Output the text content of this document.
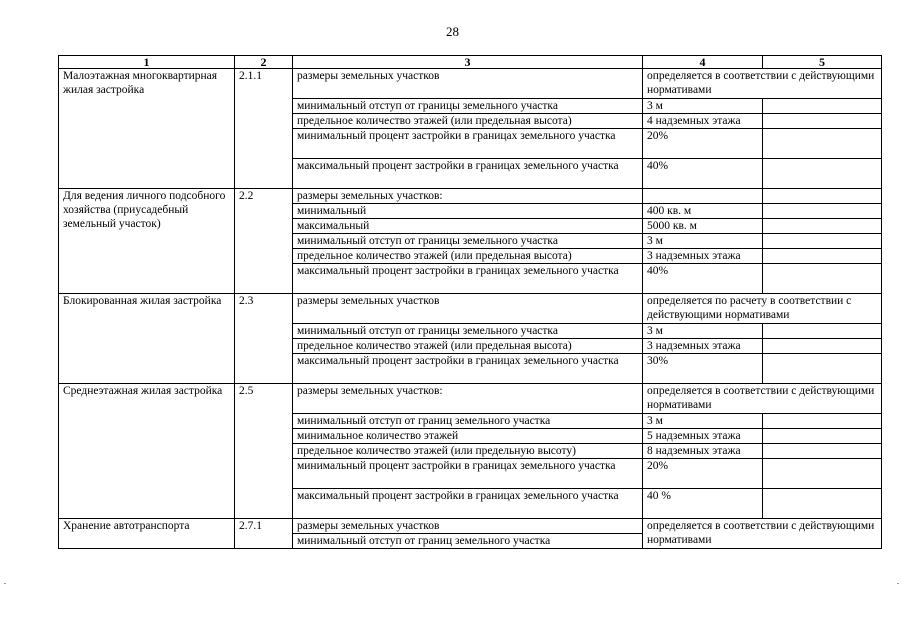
28
1	2	3	4	5
Малоэтажная многоквартирная жилая застройка	2.1.1	размеры земельных участков	определяется в соответствии с действующими нормативами	
		минимальный отступ от границы земельного участка	3 м	
		предельное количество этажей (или предельная высота)	4 надземных этажа	
		минимальный процент застройки в границах земельного участка	20%	
		максимальный процент застройки в границах земельного участка	40%	
Для ведения личного подсобного хозяйства (приусадебный земельный участок)	2.2	размеры земельных участков:		
		минимальный	400 кв. м	
		максимальный	5000 кв. м	
		минимальный отступ от границы земельного участка	3 м	
		предельное количество этажей (или предельная высота)	3 надземных этажа	
		максимальный процент застройки в границах земельного участка	40%	
Блокированная жилая застройка	2.3	размеры земельных участков	определяется по расчету в соответствии с действующими нормативами	
		минимальный отступ от границы земельного участка	3 м	
		предельное количество этажей (или предельная высота)	3 надземных этажа	
		максимальный процент застройки в границах земельного участка	30%	
Среднеэтажная жилая застройка	2.5	размеры земельных участков:	определяется в соответствии с действующими нормативами	
		минимальный отступ от границ земельного участка	3 м	
		минимальное количество этажей	5 надземных этажа	
		предельное количество этажей (или предельную высоту)	8 надземных этажа	
		минимальный процент застройки в границах земельного участка	20%	
		максимальный процент застройки в границах земельного участка	40 %	
Хранение автотранспорта	2.7.1	размеры земельных участков	определяется в соответствии с действующими нормативами	
		минимальный отступ от границ земельного участка		
